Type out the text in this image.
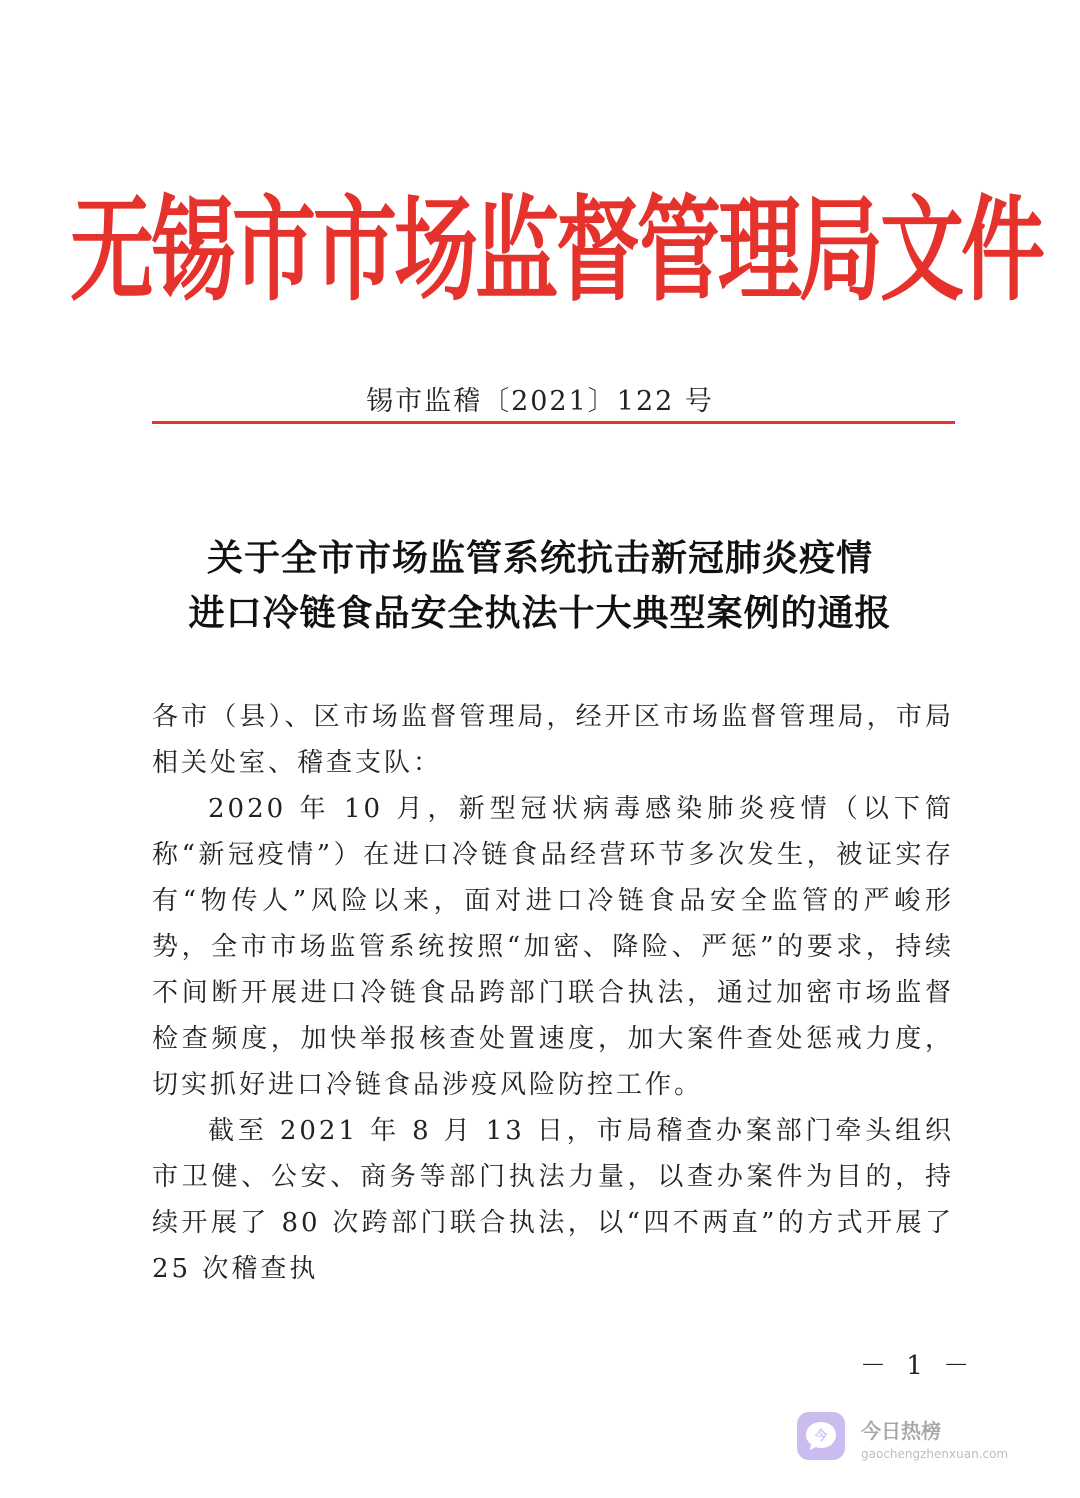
无锡市市场监督管理局文件
锡市监稽〔2021〕122 号
关于全市市场监管系统抗击新冠肺炎疫情
进口冷链食品安全执法十大典型案例的通报

各市（县）、区市场监督管理局，经开区市场监督管理局，市局相关处室、稽查支队：

2020 年 10 月，新型冠状病毒感染肺炎疫情（以下简称“新冠疫情”）在进口冷链食品经营环节多次发生，被证实存有“物传人”风险以来，面对进口冷链食品安全监管的严峻形势，全市市场监管系统按照“加密、降险、严惩”的要求，持续不间断开展进口冷链食品跨部门联合执法，通过加密市场监督检查频度，加快举报核查处置速度，加大案件查处惩戒力度，切实抓好进口冷链食品涉疫风险防控工作。

截至 2021 年 8 月 13 日，市局稽查办案部门牵头组织市卫健、公安、商务等部门执法力量，以查办案件为目的，持续开展了 80 次跨部门联合执法，以“四不两直”的方式开展了 25 次稽查执

－ 1 －
今 今日热榜
gaochengzhenxuan.com
